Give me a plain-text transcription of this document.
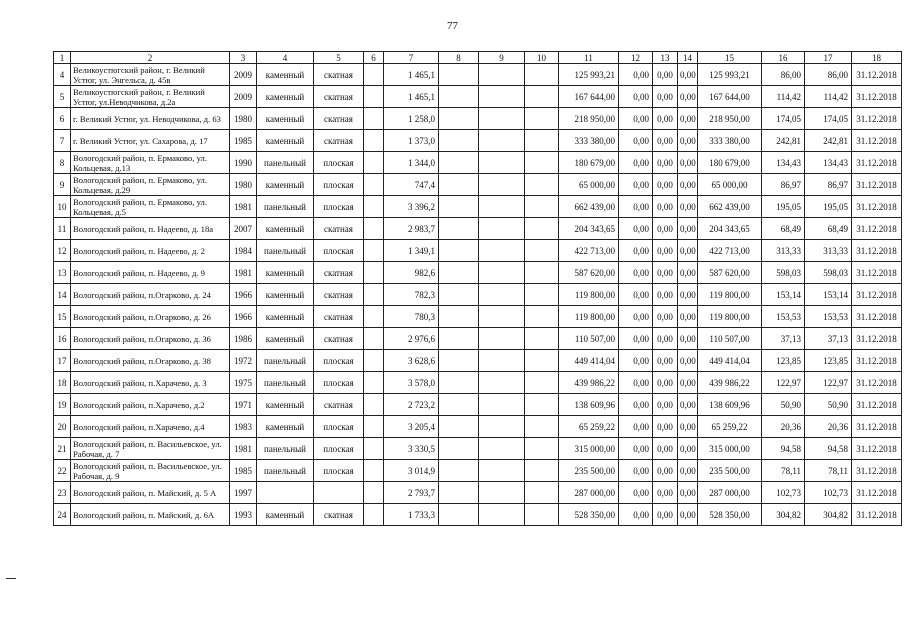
77
1	2	3	4	5	6	7	8	9	10	11	12	13	14	15	16	17	18
4	Великоустюгский район, г. Великий Устюг, ул. Энгельса, д. 45в	2009	каменный	скатная		1 465,1				125 993,21	0,00	0,00	0,00	125 993,21	86,00	86,00	31.12.2018
5	Великоустюгский район, г. Великий Устюг, ул.Неводчикова, д.2а	2009	каменный	скатная		1 465,1				167 644,00	0,00	0,00	0,00	167 644,00	114,42	114,42	31.12.2018
6	г. Великий Устюг, ул. Неводчикова, д. 63	1980	каменный	скатная		1 258,0				218 950,00	0,00	0,00	0,00	218 950,00	174,05	174,05	31.12.2018
7	г. Великий Устюг, ул. Сахарова, д. 17	1985	каменный	скатная		1 373,0				333 380,00	0,00	0,00	0,00	333 380,00	242,81	242,81	31.12.2018
8	Вологодский район, п. Ермаково, ул. Кольцевая, д.13	1990	панельный	плоская		1 344,0				180 679,00	0,00	0,00	0,00	180 679,00	134,43	134,43	31.12.2018
9	Вологодский район, п. Ермаково, ул. Кольцевая, д.29	1980	каменный	плоская		747,4				65 000,00	0,00	0,00	0,00	65 000,00	86,97	86,97	31.12.2018
10	Вологодский район, п. Ермаково, ул. Кольцевая, д.5	1981	панельный	плоская		3 396,2				662 439,00	0,00	0,00	0,00	662 439,00	195,05	195,05	31.12.2018
11	Вологодский район, п. Надеево, д. 18а	2007	каменный	скатная		2 983,7				204 343,65	0,00	0,00	0,00	204 343,65	68,49	68,49	31.12.2018
12	Вологодский район, п. Надеево, д. 2	1984	панельный	плоская		1 349,1				422 713,00	0,00	0,00	0,00	422 713,00	313,33	313,33	31.12.2018
13	Вологодский район, п. Надеево, д. 9	1981	каменный	скатная		982,6				587 620,00	0,00	0,00	0,00	587 620,00	598,03	598,03	31.12.2018
14	Вологодский район, п.Огарково, д. 24	1966	каменный	скатная		782,3				119 800,00	0,00	0,00	0,00	119 800,00	153,14	153,14	31.12.2018
15	Вологодский район, п.Огарково, д. 26	1966	каменный	скатная		780,3				119 800,00	0,00	0,00	0,00	119 800,00	153,53	153,53	31.12.2018
16	Вологодский район, п.Огарково, д. 36	1986	каменный	скатная		2 976,6				110 507,00	0,00	0,00	0,00	110 507,00	37,13	37,13	31.12.2018
17	Вологодский район, п.Огарково, д. 38	1972	панельный	плоская		3 628,6				449 414,04	0,00	0,00	0,00	449 414,04	123,85	123,85	31.12.2018
18	Вологодский район, п.Харачево, д. 3	1975	панельный	плоская		3 578,0				439 986,22	0,00	0,00	0,00	439 986,22	122,97	122,97	31.12.2018
19	Вологодский район, п.Харачево, д.2	1971	каменный	скатная		2 723,2				138 609,96	0,00	0,00	0,00	138 609,96	50,90	50,90	31.12.2018
20	Вологодский район, п.Харачево, д.4	1983	каменный	плоская		3 205,4				65 259,22	0,00	0,00	0,00	65 259,22	20,36	20,36	31.12.2018
21	Вологодский район, п. Васильевское, ул. Рабочая, д. 7	1981	панельный	плоская		3 330,5				315 000,00	0,00	0,00	0,00	315 000,00	94,58	94,58	31.12.2018
22	Вологодский район, п. Васильевское, ул. Рабочая, д. 9	1985	панельный	плоская		3 014,9				235 500,00	0,00	0,00	0,00	235 500,00	78,11	78,11	31.12.2018
23	Вологодский район, п. Майский, д. 5 А	1997				2 793,7				287 000,00	0,00	0,00	0,00	287 000,00	102,73	102,73	31.12.2018
24	Вологодский район, п. Майский, д. 6А	1993	каменный	скатная		1 733,3				528 350,00	0,00	0,00	0,00	528 350,00	304,82	304,82	31.12.2018
